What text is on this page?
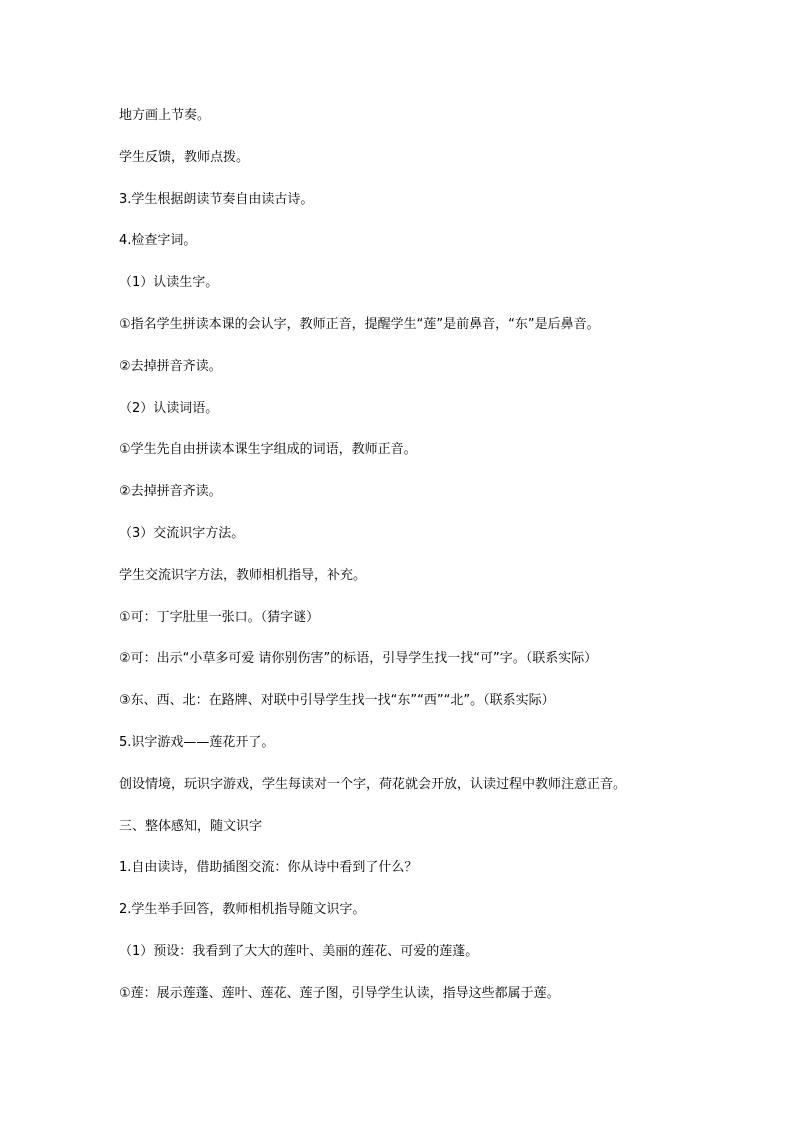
地方画上节奏。
学生反馈，教师点拨。
3.学生根据朗读节奏自由读古诗。
4.检查字词。
（1）认读生字。
①指名学生拼读本课的会认字，教师正音，提醒学生“莲”是前鼻音，“东”是后鼻音。
②去掉拼音齐读。
（2）认读词语。
①学生先自由拼读本课生字组成的词语，教师正音。
②去掉拼音齐读。
（3）交流识字方法。
学生交流识字方法，教师相机指导，补充。
①可：丁字肚里一张口。（猜字谜）
②可：出示“小草多可爱 请你别伤害”的标语，引导学生找一找“可”字。（联系实际）
③东、西、北：在路牌、对联中引导学生找一找“东”“西”“北”。（联系实际）
5.识字游戏——莲花开了。
创设情境，玩识字游戏，学生每读对一个字，荷花就会开放，认读过程中教师注意正音。
三、整体感知，随文识字
1.自由读诗，借助插图交流：你从诗中看到了什么？
2.学生举手回答，教师相机指导随文识字。
（1）预设：我看到了大大的莲叶、美丽的莲花、可爱的莲蓬。
①莲：展示莲蓬、莲叶、莲花、莲子图，引导学生认读，指导这些都属于莲。
